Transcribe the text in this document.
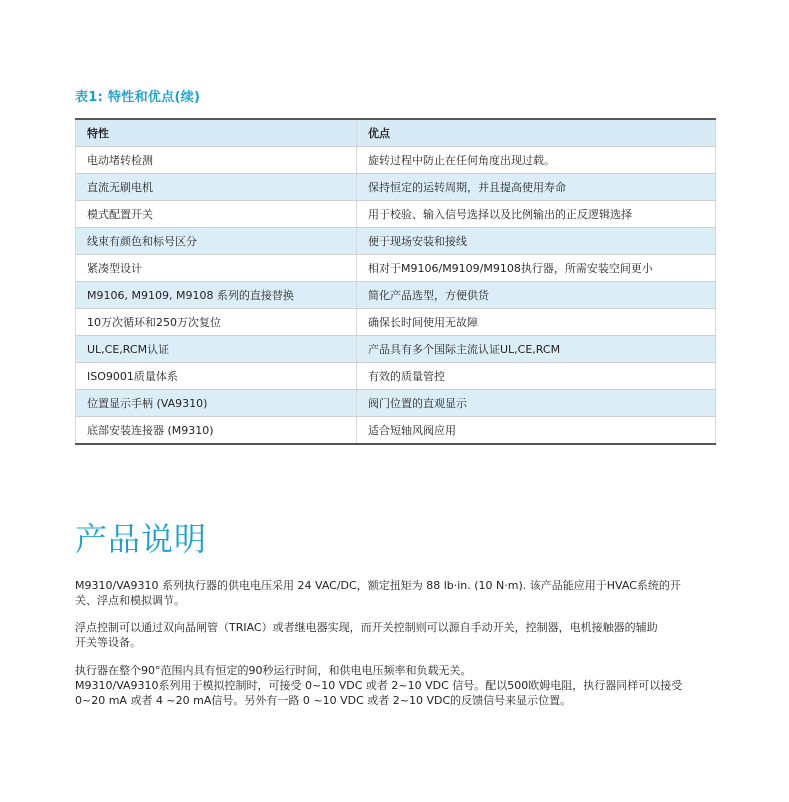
表1: 特性和优点(续)
特性	优点
电动堵转检测	旋转过程中防止在任何角度出现过载。
直流无刷电机	保持恒定的运转周期，并且提高使用寿命
模式配置开关	用于校验、输入信号选择以及比例输出的正反逻辑选择
线束有颜色和标号区分	便于现场安装和接线
紧凑型设计	相对于M9106/M9109/M9108执行器，所需安装空间更小
M9106, M9109, M9108 系列的直接替换	简化产品选型，方便供货
10万次循环和250万次复位	确保长时间使用无故障
UL,CE,RCM认证	产品具有多个国际主流认证UL,CE,RCM
ISO9001质量体系	有效的质量管控
位置显示手柄 (VA9310)	阀门位置的直观显示
底部安装连接器 (M9310)	适合短轴风阀应用
产品说明

M9310/VA9310 系列执行器的供电电压采用 24 VAC/DC，额定扭矩为 88 lb·in. (10 N·m). 该产品能应用于HVAC系统的开
关、浮点和模拟调节。

浮点控制可以通过双向晶闸管（TRIAC）或者继电器实现，而开关控制则可以源自手动开关，控制器，电机接触器的辅助
开关等设备。

执行器在整个90°范围内具有恒定的90秒运行时间，和供电电压频率和负载无关。
M9310/VA9310系列用于模拟控制时，可接受 0~10 VDC 或者 2~10 VDC 信号。配以500欧姆电阻，执行器同样可以接受
0~20 mA 或者 4 ~20 mA信号。另外有一路 0 ~10 VDC 或者 2~10 VDC的反馈信号来显示位置。
